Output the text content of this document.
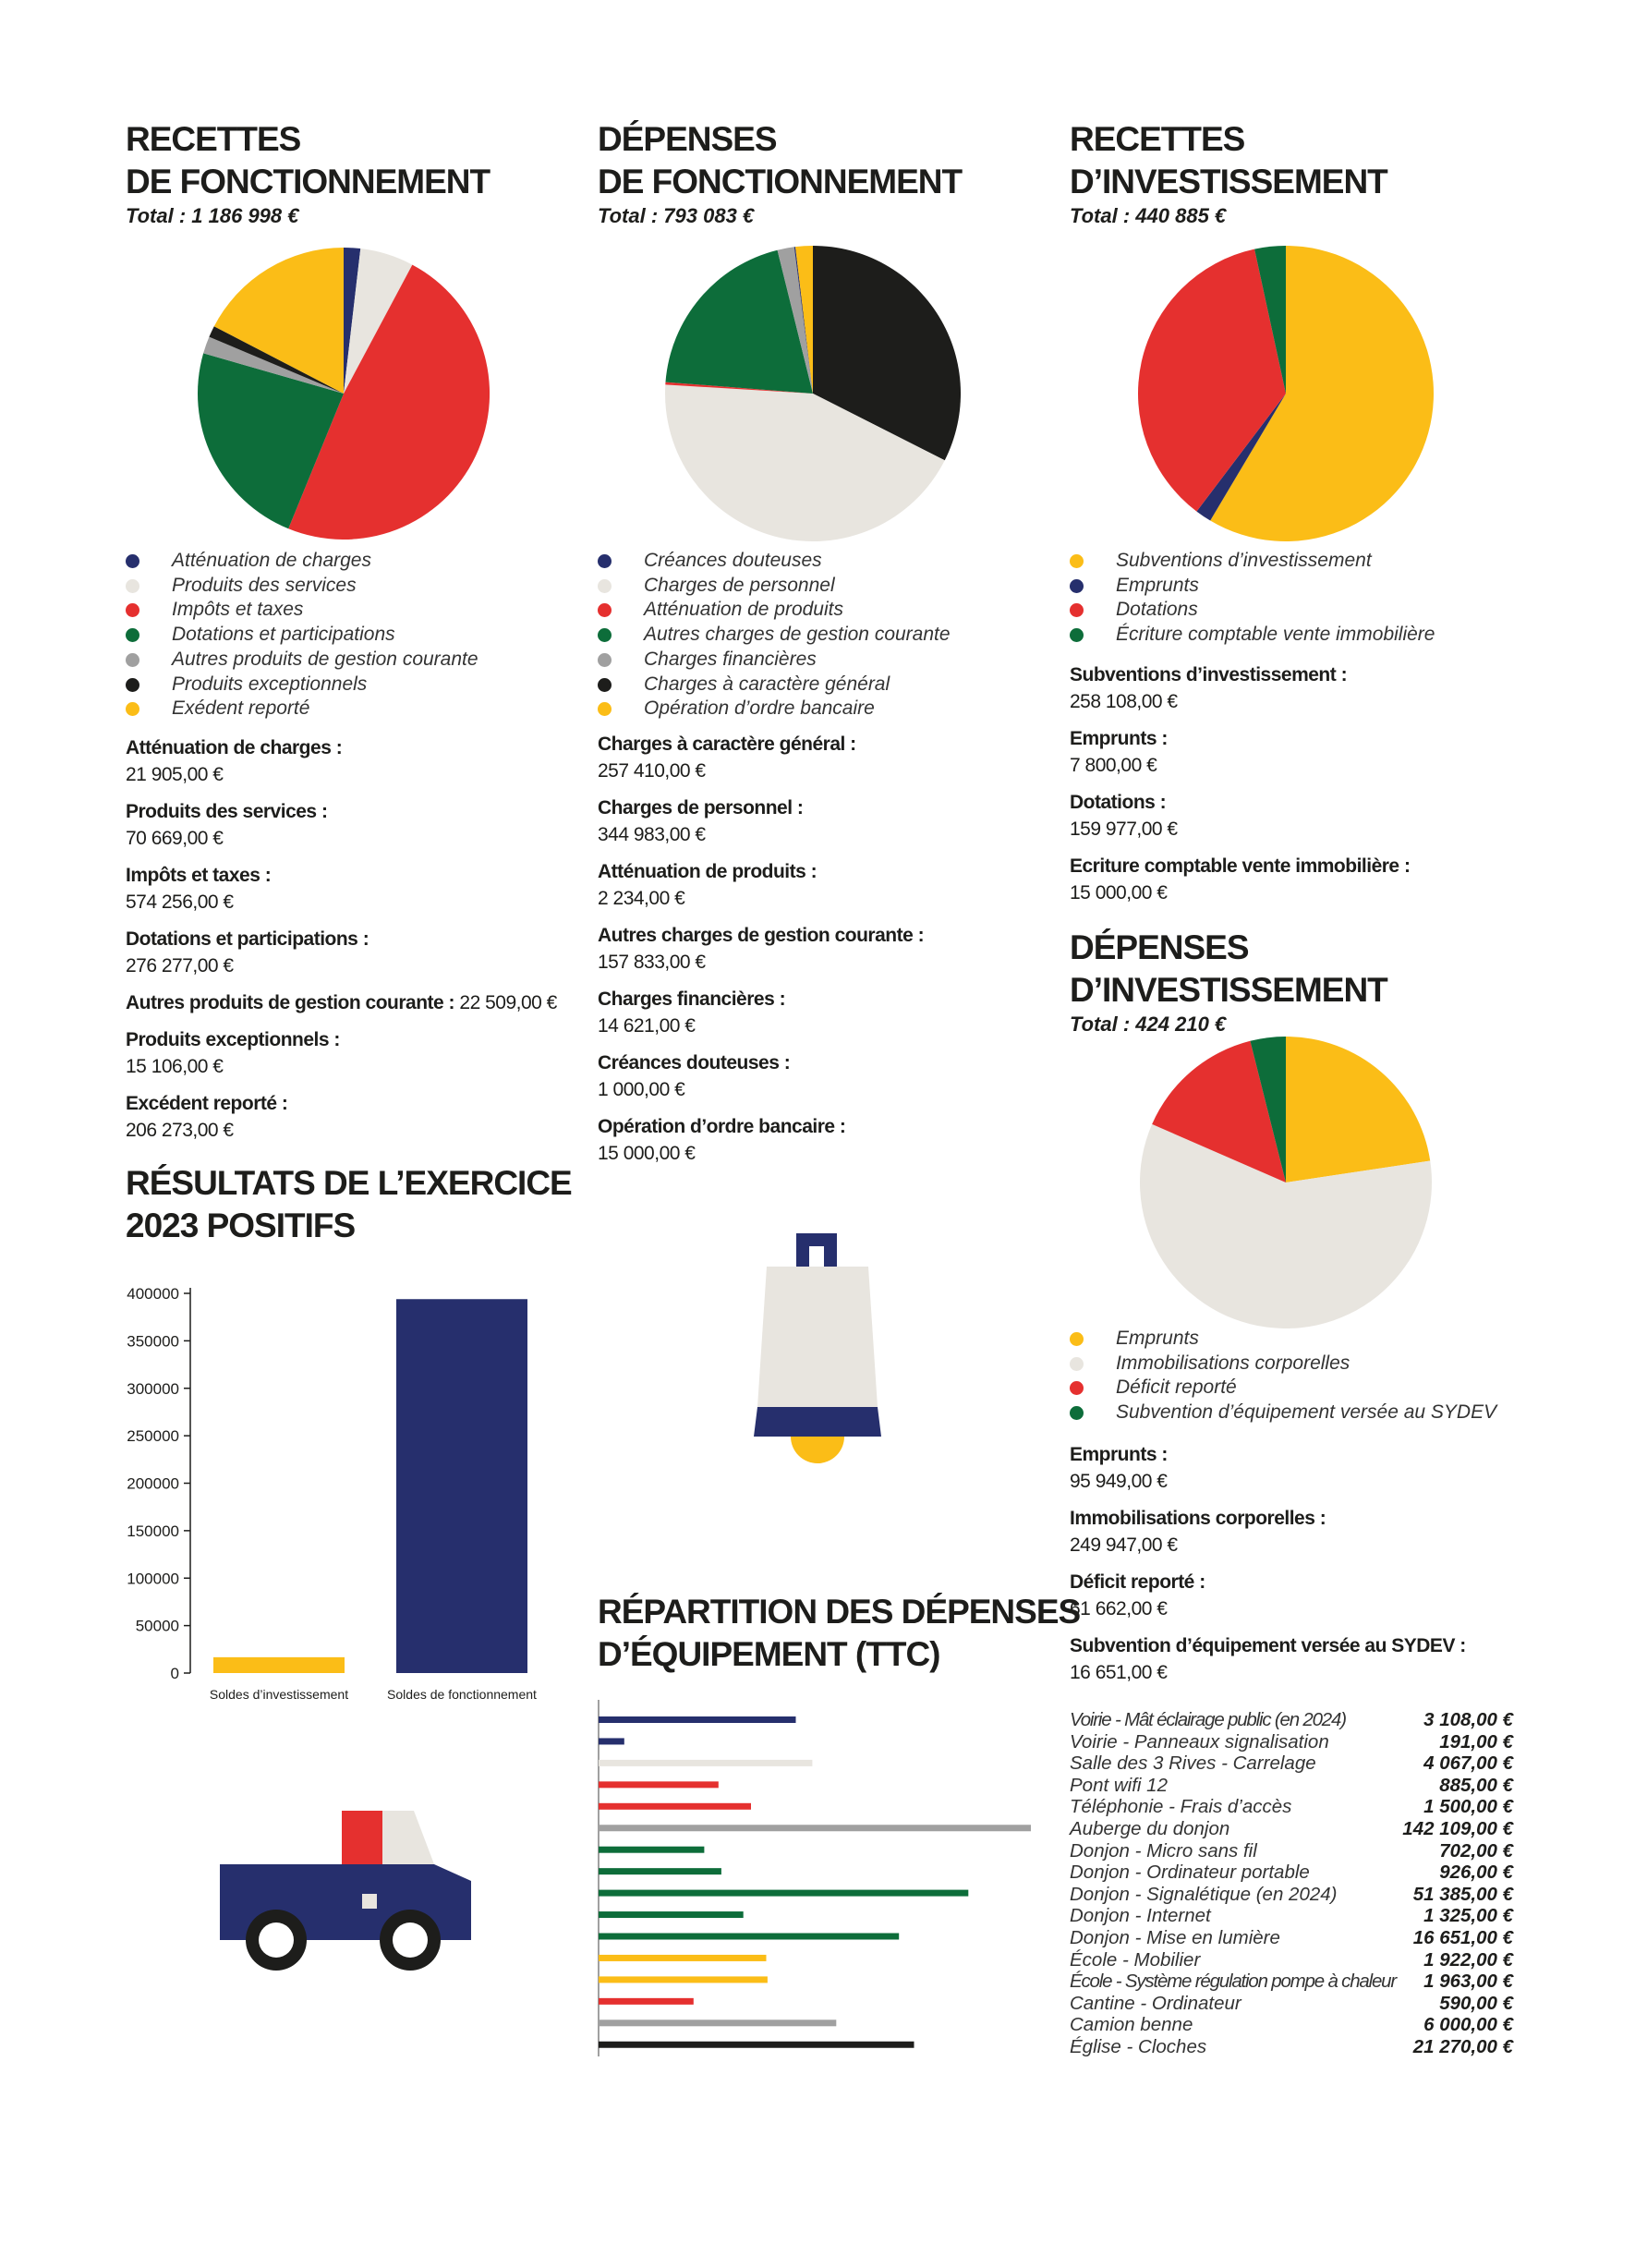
RECETTES
DE FONCTIONNEMENT
Total : 1 186 998 €
Atténuation de charges
Produits des services
Impôts et taxes
Dotations et participations
Autres produits de gestion courante
Produits exceptionnels
Exédent reporté
Atténuation de charges :
21 905,00 €
Produits des services :
70 669,00 €
Impôts et taxes :
574 256,00 €
Dotations et participations :
276 277,00 €
Autres produits de gestion courante : 22 509,00 €
Produits exceptionnels :
15 106,00 €
Excédent reporté :
206 273,00 €
DÉPENSES
DE FONCTIONNEMENT
Total : 793 083 €
Créances douteuses
Charges de personnel
Atténuation de produits
Autres charges de gestion courante
Charges financières
Charges à caractère général
Opération d’ordre bancaire
Charges à caractère général :
257 410,00 €
Charges de personnel :
344 983,00 €
Atténuation de produits :
2 234,00 €
Autres charges de gestion courante :
157 833,00 €
Charges financières :
14 621,00 €
Créances douteuses :
1 000,00 €
Opération d’ordre bancaire :
15 000,00 €
RECETTES
D’INVESTISSEMENT
Total : 440 885 €
Subventions d’investissement
Emprunts
Dotations
Écriture comptable vente immobilière
Subventions d’investissement :
258 108,00 €
Emprunts :
7 800,00 €
Dotations :
159 977,00 €
Ecriture comptable vente immobilière :
15 000,00 €
DÉPENSES
D’INVESTISSEMENT
Total : 424 210 €
Emprunts
Immobilisations corporelles
Déficit reporté
Subvention d’équipement versée au SYDEV
Emprunts :
95 949,00 €
Immobilisations corporelles :
249 947,00 €
Déficit reporté :
61 662,00 €
Subvention d’équipement versée au SYDEV :
16 651,00 €
Voirie - Mât éclairage public (en 2024)	3 108,00 €
Voirie - Panneaux signalisation	191,00 €
Salle des 3 Rives - Carrelage	4 067,00 €
Pont wifi 12	885,00 €
Téléphonie - Frais d’accès	1 500,00 €
Auberge du donjon	142 109,00 €
Donjon - Micro sans fil	702,00 €
Donjon - Ordinateur portable	926,00 €
Donjon - Signalétique (en 2024)	51 385,00 €
Donjon - Internet	1 325,00 €
Donjon - Mise en lumière	16 651,00 €
École - Mobilier	1 922,00 €
École - Système régulation pompe à chaleur	1 963,00 €
Cantine - Ordinateur	590,00 €
Camion benne	6 000,00 €
Église - Cloches	21 270,00 €
RÉSULTATS DE L’EXERCICE
2023 POSITIFS
0
50000
100000
150000
200000
250000
300000
350000
400000
Soldes d’investissement	Soldes de fonctionnement
RÉPARTITION DES DÉPENSES
D’ÉQUIPEMENT (TTC)
